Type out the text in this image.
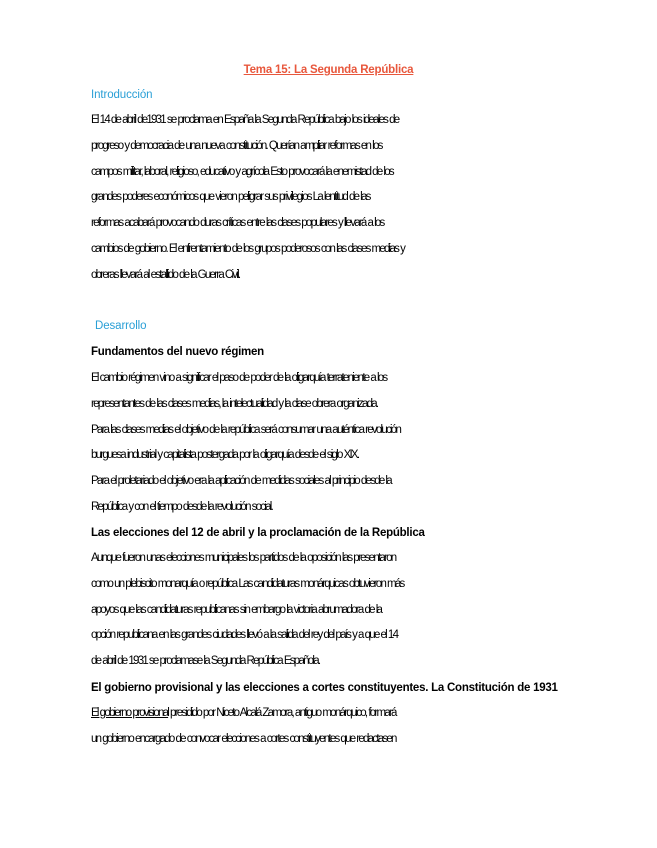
Tema 15: La Segunda República
Introducción
El 14 de abril de1931 se proclama en España la Segunda República bajo los ideales de
progreso y democracia de una nueva constitución. Querían ampliar reformas en los
campos militar, laboral, religioso, educativo y agrícola Esto provocará la enemistad de los
grandes poderes económicos que vieron peligrar sus privilegios La lentitud de las
reformas acabará provocando duras críticas entre las clases populares y llevará a los
cambios de gobierno. El enfrentamiento de los grupos poderosos con las clases medias y
obreras llevará al estallido de la Guerra Civil.
Desarrollo
Fundamentos del nuevo régimen
El cambio régimen vino a significar el paso de poder de la oligarquía terrateniente a los
representantes de las clases medias, la intelectualidad y la clase obrera organizada.
Para las clases medias el objetivo de la república será consumar una auténtica revolución
burguesa industrial y capitalista postergada por la oligarquía desde el siglo XIX.
Para el proletariado el objetivo era la aplicación de medidas sociales al principio desde la
República y con el tiempo desde la revolución social.
Las elecciones del 12 de abril y la proclamación de la República
Aunque fueron unas elecciones municipales los partidos de la oposición las presentaron
como un plebiscito monarquía o república Las candidaturas monárquicas obtuvieron más
apoyos que las candidaturas republicanas sin embargo la victoria abrumadora de la
opción republicana en las grandes ciudades llevó a la salida del rey del país y a que el 14
de abril de 1931 se proclamase la Segunda República Española.
El gobierno provisional y las elecciones a cortes constituyentes. La Constitución de 1931
El gobierno provisional presidido por Niceto Alcalá Zamora, antiguo monárquico, formará
un gobierno encargado de convocar elecciones a cortes constituyentes que redactasen
